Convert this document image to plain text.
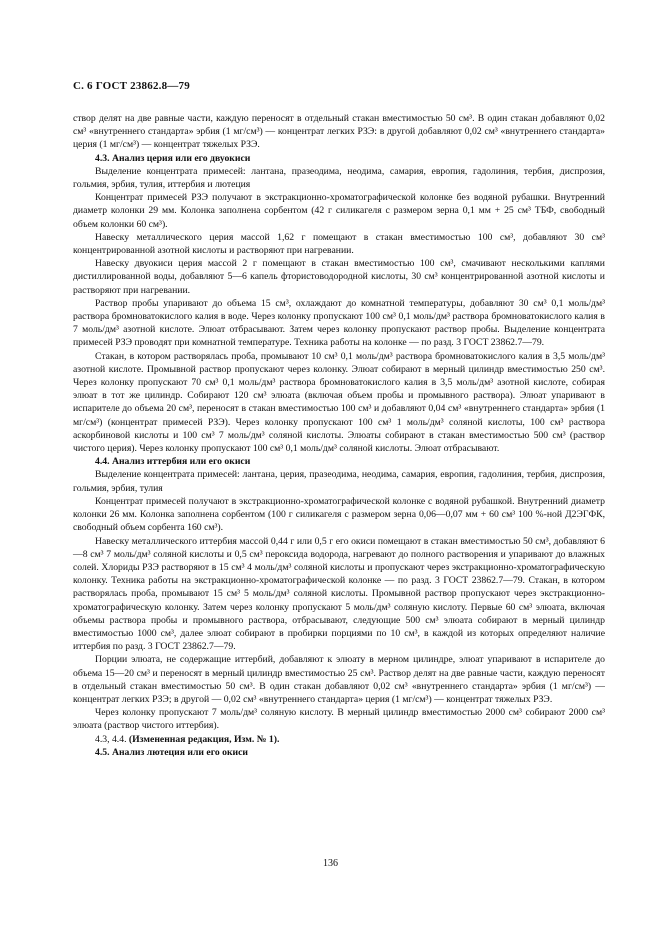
С. 6 ГОСТ 23862.8—79

створ делят на две равные части, каждую переносят в отдельный стакан вместимостью 50 см³. В один стакан добавляют 0,02 см³ «внутреннего стандарта» эрбия (1 мг/см³) — концентрат легких РЗЭ: в другой добавляют 0,02 см³ «внутреннего стандарта» церия (1 мг/см³) — концентрат тяжелых РЗЭ.

4.3. Анализ церия или его двуокиси

Выделение концентрата примесей: лантана, празеодима, неодима, самария, европия, гадолиния, тербия, диспрозия, гольмия, эрбия, тулия, иттербия и лютеция

Концентрат примесей РЗЭ получают в экстракционно-хроматографической колонке без водяной рубашки. Внутренний диаметр колонки 29 мм. Колонка заполнена сорбентом (42 г силикагеля с размером зерна 0,1 мм + 25 см³ ТБФ, свободный объем колонки 60 см³).

Навеску металлического церия массой 1,62 г помещают в стакан вместимостью 100 см³, добавляют 30 см³ концентрированной азотной кислоты и растворяют при нагревании.

Навеску двуокиси церия массой 2 г помещают в стакан вместимостью 100 см³, смачивают несколькими каплями дистиллированной воды, добавляют 5—6 капель фтористоводородной кислоты, 30 см³ концентрированной азотной кислоты и растворяют при нагревании.

Раствор пробы упаривают до объема 15 см³, охлаждают до комнатной температуры, добавляют 30 см³ 0,1 моль/дм³ раствора бромноватокислого калия в воде. Через колонку пропускают 100 см³ 0,1 моль/дм³ раствора бромноватокислого калия в 7 моль/дм³ азотной кислоте. Элюат отбрасывают. Затем через колонку пропускают раствор пробы. Выделение концентрата примесей РЗЭ проводят при комнатной температуре. Техника работы на колонке — по разд. 3 ГОСТ 23862.7—79.

Стакан, в котором растворялась проба, промывают 10 см³ 0,1 моль/дм³ раствора бромноватокислого калия в 3,5 моль/дм³ азотной кислоте. Промывной раствор пропускают через колонку. Элюат собирают в мерный цилиндр вместимостью 250 см³. Через колонку пропускают 70 см³ 0,1 моль/дм³ раствора бромноватокислого калия в 3,5 моль/дм³ азотной кислоте, собирая элюат в тот же цилиндр. Собирают 120 см³ элюата (включая объем пробы и промывного раствора). Элюат упаривают в испарителе до объема 20 см³, переносят в стакан вместимостью 100 см³ и добавляют 0,04 см³ «внутреннего стандарта» эрбия (1 мг/см³) (концентрат примесей РЗЭ). Через колонку пропускают 100 см³ 1 моль/дм³ соляной кислоты, 100 см³ раствора аскорбиновой кислоты и 100 см³ 7 моль/дм³ соляной кислоты. Элюаты собирают в стакан вместимостью 500 см³ (раствор чистого церия). Через колонку пропускают 100 см³ 0,1 моль/дм³ соляной кислоты. Элюат отбрасывают.

4.4. Анализ иттербия или его окиси

Выделение концентрата примесей: лантана, церия, празеодима, неодима, самария, европия, гадолиния, тербия, диспрозия, гольмия, эрбия, тулия

Концентрат примесей получают в экстракционно-хроматографической колонке с водяной рубашкой. Внутренний диаметр колонки 26 мм. Колонка заполнена сорбентом (100 г силикагеля с размером зерна 0,06—0,07 мм + 60 см³ 100 %-ной Д2ЭГФК, свободный объем сорбента 160 см³).

Навеску металлического иттербия массой 0,44 г или 0,5 г его окиси помещают в стакан вместимостью 50 см³, добавляют 6—8 см³ 7 моль/дм³ соляной кислоты и 0,5 см³ пероксида водорода, нагревают до полного растворения и упаривают до влажных солей. Хлориды РЗЭ растворяют в 15 см³ 4 моль/дм³ соляной кислоты и пропускают через экстракционно-хроматографическую колонку. Техника работы на экстракционно-хроматографической колонке — по разд. 3 ГОСТ 23862.7—79. Стакан, в котором растворялась проба, промывают 15 см³ 5 моль/дм³ соляной кислоты. Промывной раствор пропускают через экстракционно-хроматографическую колонку. Затем через колонку пропускают 5 моль/дм³ соляную кислоту. Первые 60 см³ элюата, включая объемы раствора пробы и промывного раствора, отбрасывают, следующие 500 см³ элюата собирают в мерный цилиндр вместимостью 1000 см³, далее элюат собирают в пробирки порциями по 10 см³, в каждой из которых определяют наличие иттербия по разд. 3 ГОСТ 23862.7—79.

Порции элюата, не содержащие иттербий, добавляют к элюату в мерном цилиндре, элюат упаривают в испарителе до объема 15—20 см³ и переносят в мерный цилиндр вместимостью 25 см³. Раствор делят на две равные части, каждую переносят в отдельный стакан вместимостью 50 см³. В один стакан добавляют 0,02 см³ «внутреннего стандарта» эрбия (1 мг/см³) — концентрат легких РЗЭ; в другой — 0,02 см³ «внутреннего стандарта» церия (1 мг/см³) — концентрат тяжелых РЗЭ.

Через колонку пропускают 7 моль/дм³ соляную кислоту. В мерный цилиндр вместимостью 2000 см³ собирают 2000 см³ элюата (раствор чистого иттербия).

4.3, 4.4. (Измененная редакция, Изм. № 1).

4.5. Анализ лютеция или его окиси

136
